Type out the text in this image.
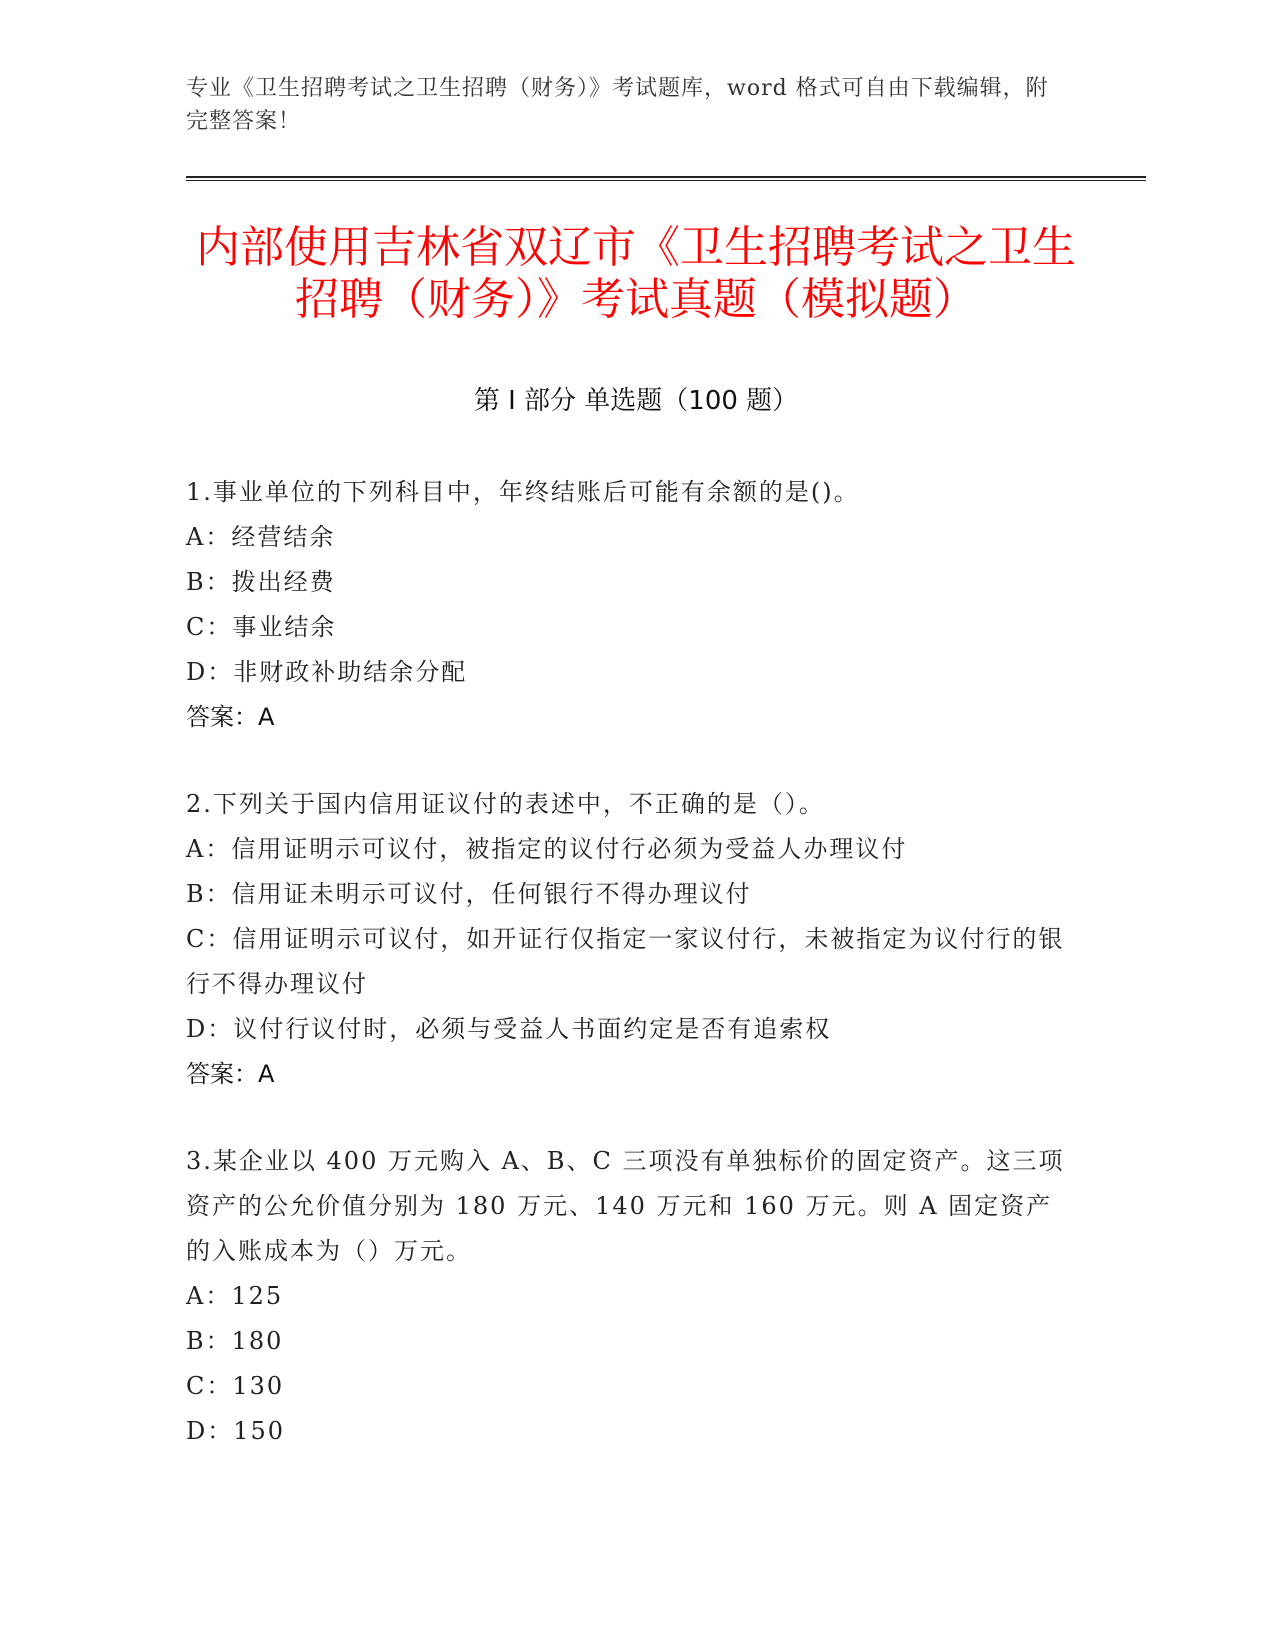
专业《卫生招聘考试之卫生招聘（财务）》考试题库，word 格式可自由下载编辑，附完整答案！
内部使用吉林省双辽市《卫生招聘考试之卫生招聘（财务）》考试真题（模拟题）
第 I 部分 单选题（100 题）
1.事业单位的下列科目中，年终结账后可能有余额的是()。
A：经营结余
B：拨出经费
C：事业结余
D：非财政补助结余分配
答案：A
2.下列关于国内信用证议付的表述中，不正确的是（）。
A：信用证明示可议付，被指定的议付行必须为受益人办理议付
B：信用证未明示可议付，任何银行不得办理议付
C：信用证明示可议付，如开证行仅指定一家议付行，未被指定为议付行的银行不得办理议付
D：议付行议付时，必须与受益人书面约定是否有追索权
答案：A
3.某企业以 400 万元购入 A、B、C 三项没有单独标价的固定资产。这三项资产的公允价值分别为 180 万元、140 万元和 160 万元。则 A 固定资产的入账成本为（）万元。
A：125
B：180
C：130
D：150
